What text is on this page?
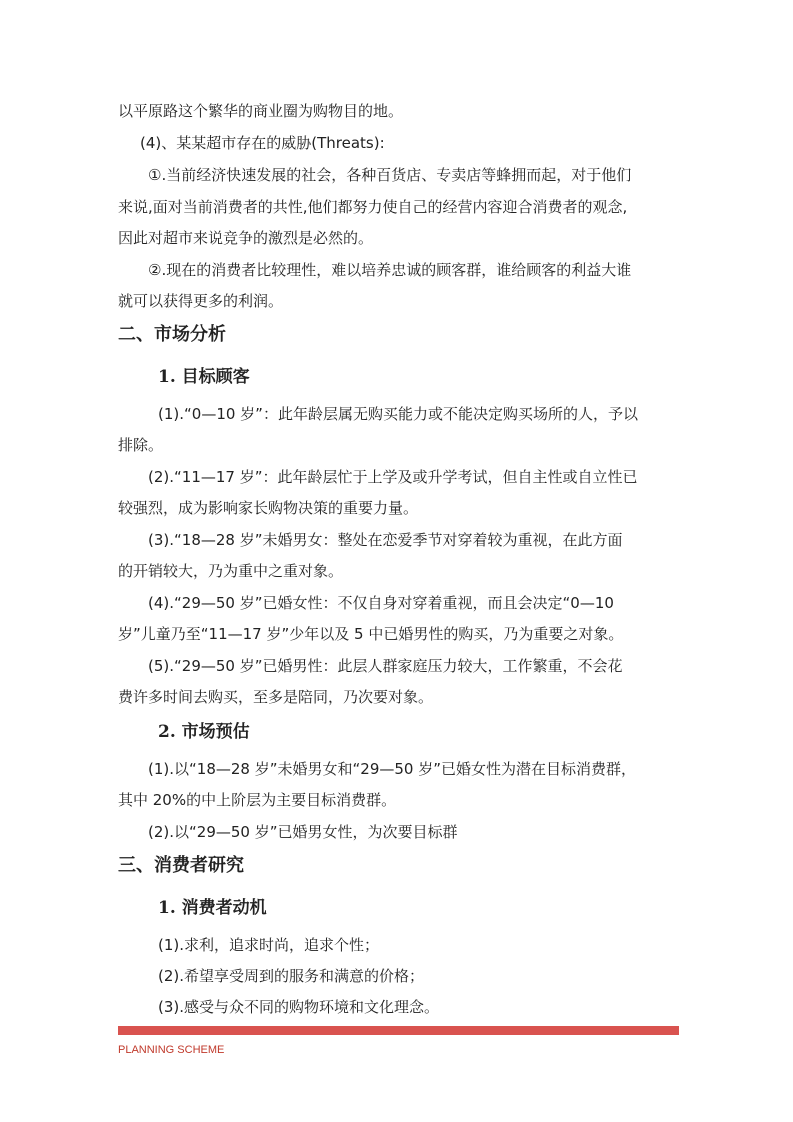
以平原路这个繁华的商业圈为购物目的地。

(4)、某某超市存在的威胁(Threats):

①.当前经济快速发展的社会，各种百货店、专卖店等蜂拥而起，对于他们

来说,面对当前消费者的共性,他们都努力使自己的经营内容迎合消费者的观念,

因此对超市来说竞争的激烈是必然的。

②.现在的消费者比较理性，难以培养忠诚的顾客群，谁给顾客的利益大谁

就可以获得更多的利润。

二、市场分析
1. 目标顾客

(1).“0—10 岁”：此年龄层属无购买能力或不能决定购买场所的人，予以

排除。

(2).“11—17 岁”：此年龄层忙于上学及或升学考试，但自主性或自立性已

较强烈，成为影响家长购物决策的重要力量。

(3).“18—28 岁”未婚男女：整处在恋爱季节对穿着较为重视，在此方面

的开销较大，乃为重中之重对象。

(4).“29—50 岁”已婚女性：不仅自身对穿着重视，而且会决定“0—10

岁”儿童乃至“11—17 岁”少年以及 5 中已婚男性的购买，乃为重要之对象。

(5).“29—50 岁”已婚男性：此层人群家庭压力较大，工作繁重，不会花

费许多时间去购买，至多是陪同，乃次要对象。

2. 市场预估

(1).以“18—28 岁”未婚男女和“29—50 岁”已婚女性为潜在目标消费群，

其中 20%的中上阶层为主要目标消费群。

(2).以“29—50 岁”已婚男女性，为次要目标群

三、消费者研究
1. 消费者动机

(1).求利，追求时尚，追求个性；

(2).希望享受周到的服务和满意的价格；

(3).感受与众不同的购物环境和文化理念。

PLANNING SCHEME
